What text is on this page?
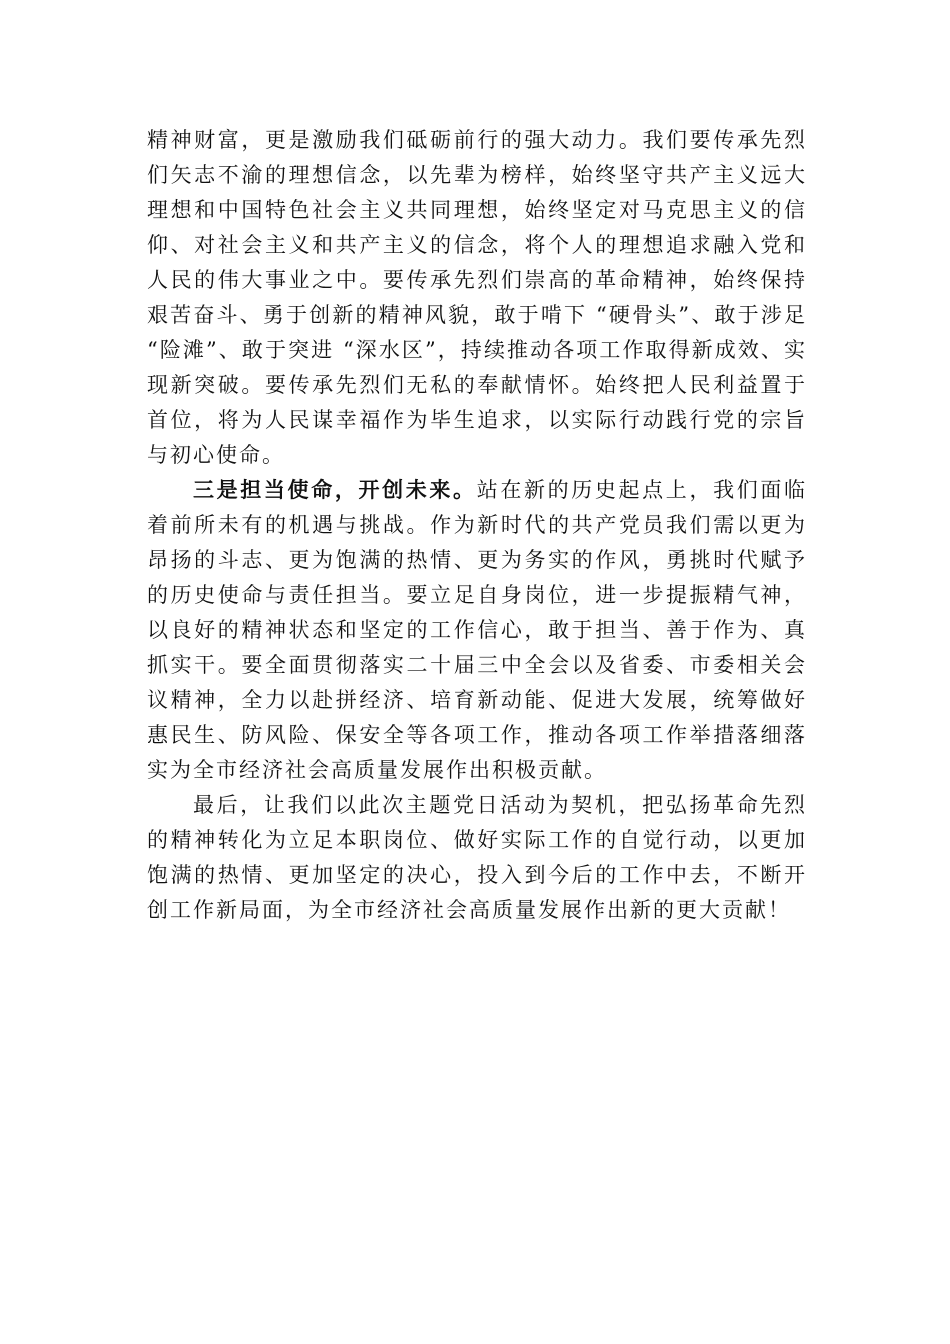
精神财富，更是激励我们砥砺前行的强大动力。我们要传承先烈们矢志不渝的理想信念，以先辈为榜样，始终坚守共产主义远大理想和中国特色社会主义共同理想，始终坚定对马克思主义的信仰、对社会主义和共产主义的信念，将个人的理想追求融入党和人民的伟大事业之中。要传承先烈们崇高的革命精神，始终保持艰苦奋斗、勇于创新的精神风貌，敢于啃下 “硬骨头”、敢于涉足 “险滩”、敢于突进 “深水区”，持续推动各项工作取得新成效、实现新突破。要传承先烈们无私的奉献情怀。始终把人民利益置于首位，将为人民谋幸福作为毕生追求，以实际行动践行党的宗旨与初心使命。

三是担当使命，开创未来。站在新的历史起点上，我们面临着前所未有的机遇与挑战。作为新时代的共产党员我们需以更为昂扬的斗志、更为饱满的热情、更为务实的作风，勇挑时代赋予的历史使命与责任担当。要立足自身岗位，进一步提振精气神，以良好的精神状态和坚定的工作信心，敢于担当、善于作为、真抓实干。要全面贯彻落实二十届三中全会以及省委、市委相关会议精神，全力以赴拼经济、培育新动能、促进大发展，统筹做好惠民生、防风险、保安全等各项工作，推动各项工作举措落细落实为全市经济社会高质量发展作出积极贡献。

最后，让我们以此次主题党日活动为契机，把弘扬革命先烈的精神转化为立足本职岗位、做好实际工作的自觉行动，以更加饱满的热情、更加坚定的决心，投入到今后的工作中去，不断开创工作新局面，为全市经济社会高质量发展作出新的更大贡献！
